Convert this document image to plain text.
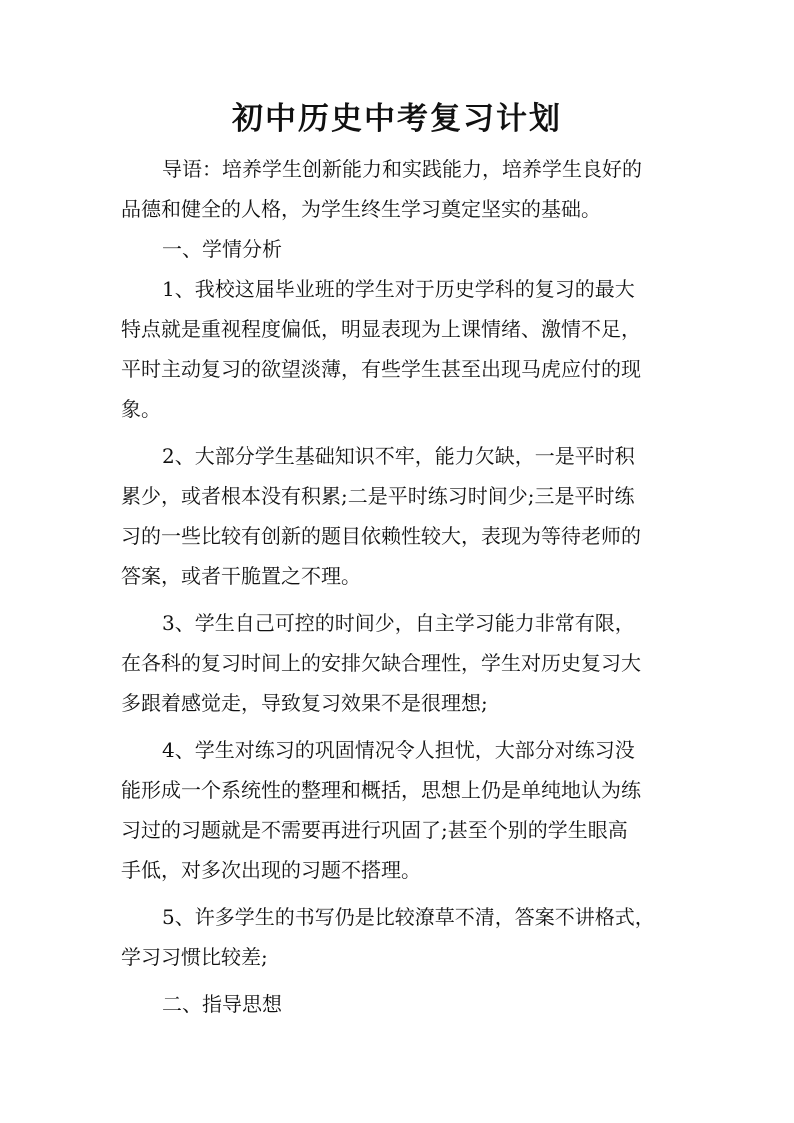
初中历史中考复习计划
导语：培养学生创新能力和实践能力，培养学生良好的
品德和健全的人格，为学生终生学习奠定坚实的基础。
一、学情分析
1、我校这届毕业班的学生对于历史学科的复习的最大
特点就是重视程度偏低，明显表现为上课情绪、激情不足，
平时主动复习的欲望淡薄，有些学生甚至出现马虎应付的现
象。
2、大部分学生基础知识不牢，能力欠缺，一是平时积
累少，或者根本没有积累;二是平时练习时间少;三是平时练
习的一些比较有创新的题目依赖性较大，表现为等待老师的
答案，或者干脆置之不理。
3、学生自己可控的时间少，自主学习能力非常有限，
在各科的复习时间上的安排欠缺合理性，学生对历史复习大
多跟着感觉走，导致复习效果不是很理想;
4、学生对练习的巩固情况令人担忧，大部分对练习没
能形成一个系统性的整理和概括，思想上仍是单纯地认为练
习过的习题就是不需要再进行巩固了;甚至个别的学生眼高
手低，对多次出现的习题不搭理。
5、许多学生的书写仍是比较潦草不清，答案不讲格式，
学习习惯比较差;
二、指导思想
